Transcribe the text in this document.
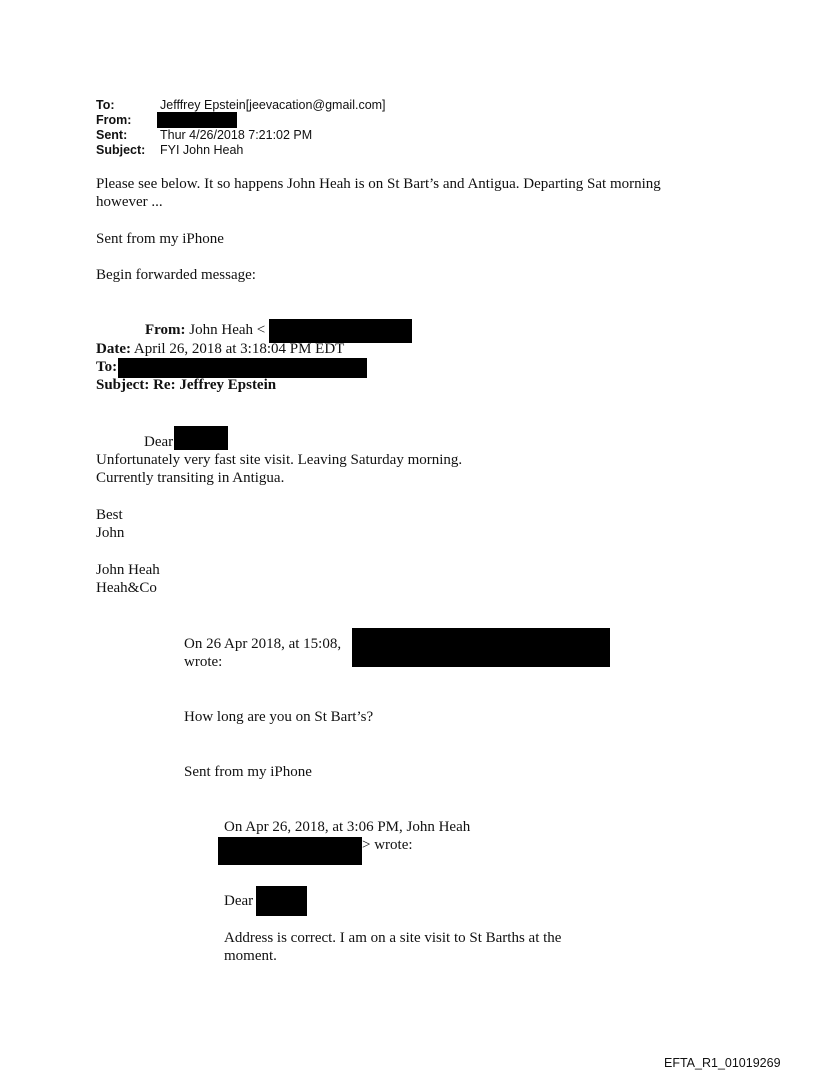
To:	Jefffrey Epstein[jeevacation@gmail.com]
From:
Sent:	Thur 4/26/2018 7:21:02 PM
Subject: FYI John Heah
Please see below. It so happens John Heah is on St Bart’s and Antigua. Departing Sat morning
however ...
Sent from my iPhone
Begin forwarded message:
From: John Heah <
Date: April 26, 2018 at 3:18:04 PM EDT
To:
Subject: Re: Jeffrey Epstein
Dear
Unfortunately very fast site visit. Leaving Saturday morning.
Currently transiting in Antigua.
Best
John
John Heah
Heah&Co
On 26 Apr 2018, at 15:08,
wrote:
How long are you on St Bart’s?
Sent from my iPhone
On Apr 26, 2018, at 3:06 PM, John Heah
> wrote:
Dear
Address is correct. I am on a site visit to St Barths at the
moment.
EFTA_R1_01019269
